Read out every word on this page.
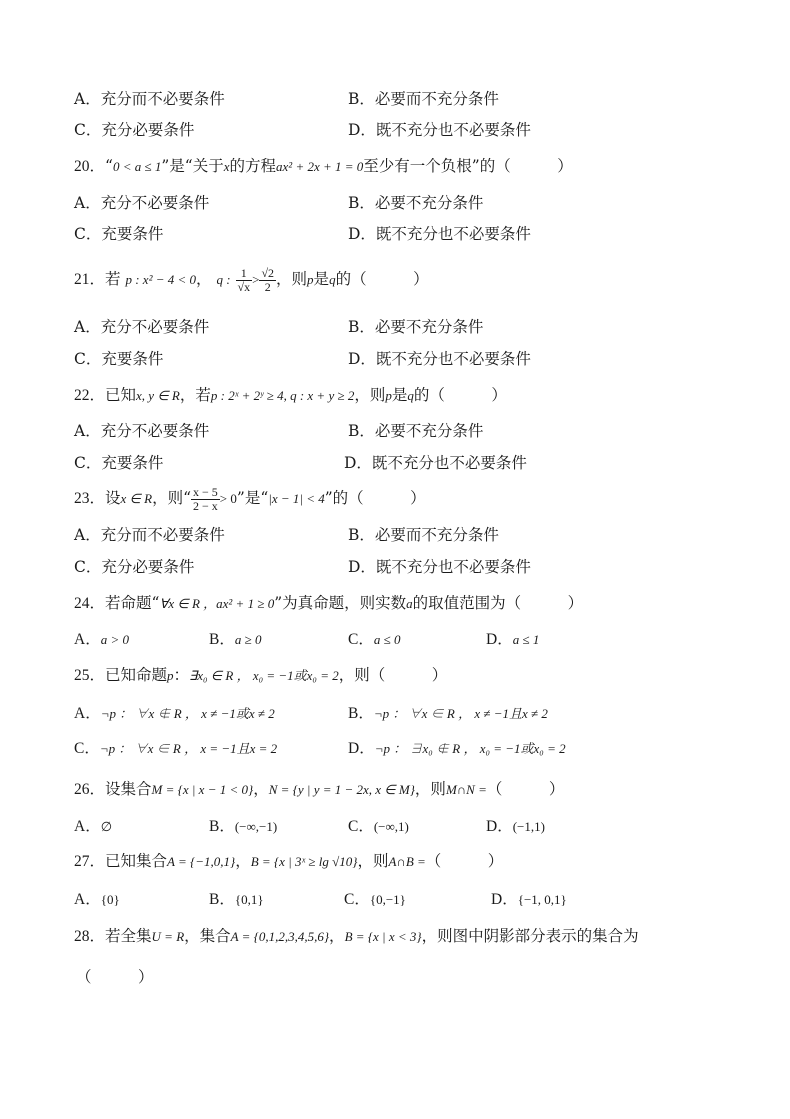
A．充分而不必要条件	B．必要而不充分条件
C．充分必要条件	D．既不充分也不必要条件
20．“0 < a ≤ 1”是“关于x的方程ax² + 2x + 1 = 0至少有一个负根”的（　　　）
A．充分不必要条件	B．必要不充分条件
C．充要条件	D．既不充分也不必要条件
21．若 p : x² − 4 < 0， q : $\frac{1}{√x} > \frac{√2}{2}$ ，则p是q的（　　　）
A．充分不必要条件	B．必要不充分条件
C．充要条件	D．既不充分也不必要条件
22．已知x, y ∈ R，若p : 2ˣ + 2ʸ ≥ 4, q : x + y ≥ 2，则p是q的（　　　）
A．充分不必要条件	B．必要不充分条件
C．充要条件	D．既不充分也不必要条件
23．设x ∈ R，则“ $\frac{x - 5}{2 - x} > 0$”是“|x − 1| < 4”的（　　　）
A．充分而不必要条件	B．必要而不充分条件
C．充分必要条件	D．既不充分也不必要条件
24．若命题“∀x ∈ R ，ax² + 1 ≥ 0”为真命题，则实数a的取值范围为（　　　）
A．a > 0	B．a ≥ 0	C．a ≤ 0	D．a ≤ 1
25．已知命题p：∃x₀ ∈ R ， x₀ = −1或x₀ = 2，则（　　　）
A．¬p ： ∀x ∉ R ， x ≠ −1或x ≠ 2	B．¬p ： ∀x ∈ R ， x ≠ −1且x ≠ 2
C．¬p ： ∀x ∈ R ， x = −1且x = 2	D．¬p ： ∃x₀ ∉ R ， x₀ = −1或x₀ = 2
26．设集合M = {x | x − 1 < 0}，N = {y | y = 1 − 2x, x ∈ M}，则M∩N =（　　　）
A．∅	B．(−∞,−1)	C．(−∞,1)	D．(−1,1)
27．已知集合A = {−1,0,1}，B = {x | 3ˣ ≥ lg √10}，则A∩B =（　　　）
A．{0}	B．{0,1}	C．{0,−1}	D．{−1, 0,1}
28．若全集U = R，集合A = {0,1,2,3,4,5,6}，B = {x | x < 3}，则图中阴影部分表示的集合为
（　　　）
